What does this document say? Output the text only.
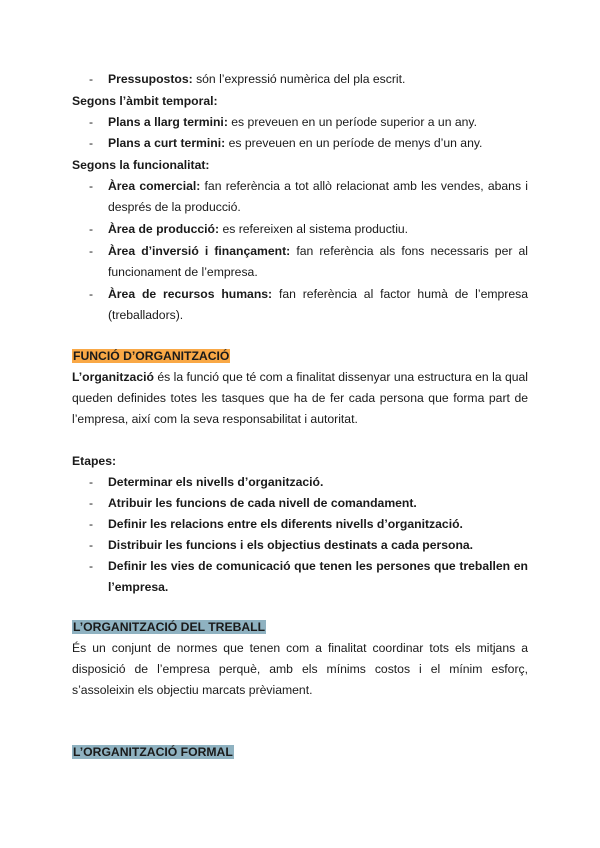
- Pressupostos: són l’expressió numèrica del pla escrit.
Segons l’àmbit temporal:
- Plans a llarg termini: es preveuen en un període superior a un any.
- Plans a curt termini: es preveuen en un període de menys d’un any.
Segons la funcionalitat:
- Àrea comercial: fan referència a tot allò relacionat amb les vendes, abans i després de la producció.
- Àrea de producció: es refereixen al sistema productiu.
- Àrea d’inversió i finançament: fan referència als fons necessaris per al funcionament de l’empresa.
- Àrea de recursos humans: fan referència al factor humà de l’empresa (treballadors).
FUNCIÓ D’ORGANITZACIÓ
L’organització és la funció que té com a finalitat dissenyar una estructura en la qual queden definides totes les tasques que ha de fer cada persona que forma part de l’empresa, així com la seva responsabilitat i autoritat.
Etapes:
- Determinar els nivells d’organització.
- Atribuir les funcions de cada nivell de comandament.
- Definir les relacions entre els diferents nivells d’organització.
- Distribuir les funcions i els objectius destinats a cada persona.
- Definir les vies de comunicació que tenen les persones que treballen en l’empresa.
L’ORGANITZACIÓ DEL TREBALL
És un conjunt de normes que tenen com a finalitat coordinar tots els mitjans a disposició de l’empresa perquè, amb els mínims costos i el mínim esforç, s’assoleixin els objectiu marcats prèviament.
L’ORGANITZACIÓ FORMAL
